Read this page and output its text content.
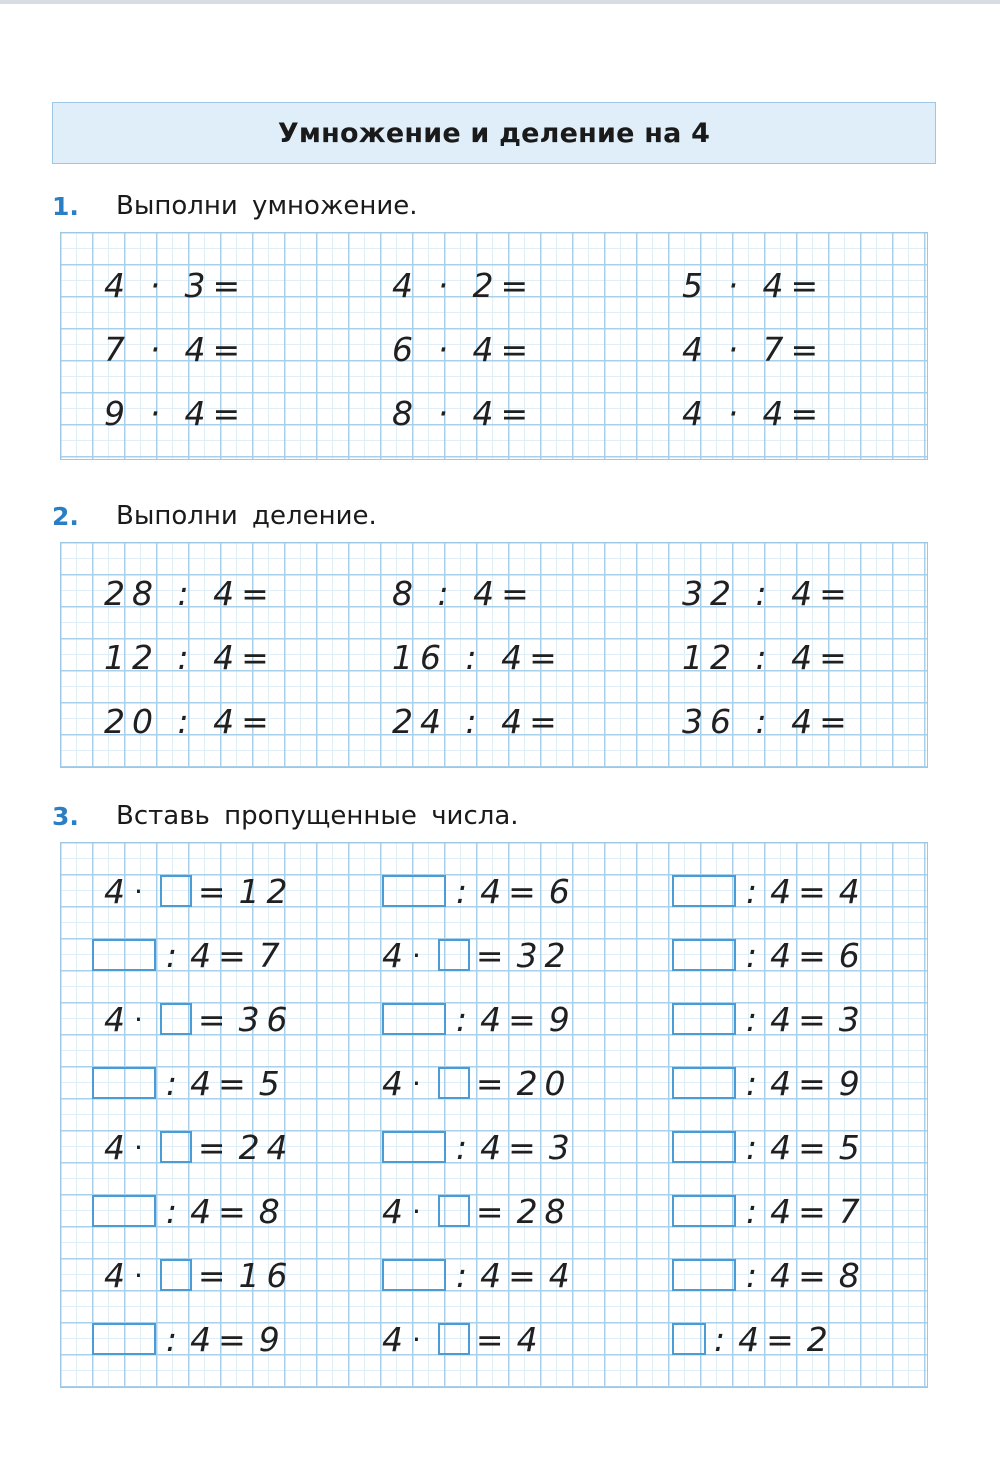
Умножение и деление на 4
1.	Выполни умножение.
4 · 3=	4 · 2=	5 · 4=
7 · 4=	6 · 4=	4 · 7=
9 · 4=	8 · 4=	4 · 4=
2.	Выполни деление.
28 : 4=	8 : 4=	32 : 4=
12 : 4=	16 : 4=	12 : 4=
20 : 4=	24 : 4=	36 : 4=
3.	Вставь пропущенные числа.
4 · = 12	: 4 = 6	: 4 = 4
: 4 = 7	4 · = 32	: 4 = 6
4 · = 36	: 4 = 9	: 4 = 3
: 4 = 5	4 · = 20	: 4 = 9
4 · = 24	: 4 = 3	: 4 = 5
: 4 = 8	4 · = 28	: 4 = 7
4 · = 16	: 4 = 4	: 4 = 8
: 4 = 9	4 · = 4	: 4 = 2
